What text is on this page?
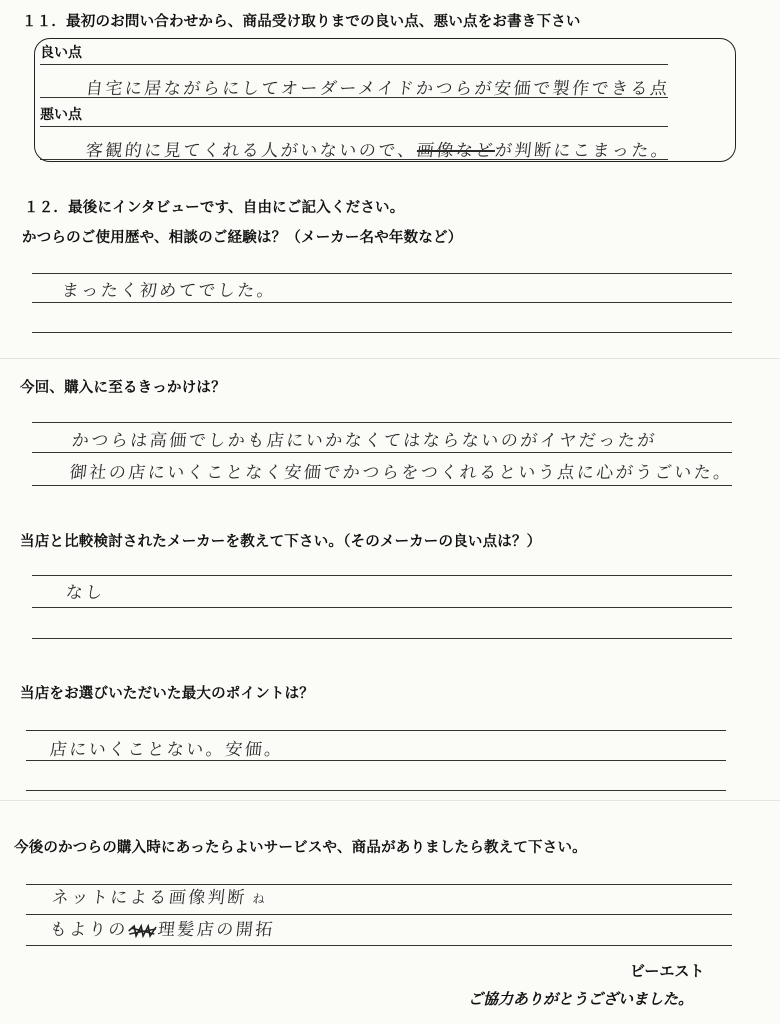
１１．最初のお問い合わせから、商品受け取りまでの良い点、悪い点をお書き下さい
良い点
自宅に居ながらにしてオーダーメイドかつらが安価で製作できる点
悪い点
客観的に見てくれる人がいないので、画像などが判断にこまった。
１２．最後にインタビューです、自由にご記入ください。
かつらのご使用歴や、相談のご経験は？（メーカー名や年数など）
まったく初めてでした。
今回、購入に至るきっかけは？
かつらは高価でしかも店にいかなくてはならないのがイヤだったが
御社の店にいくことなく安価でかつらをつくれるという点に心がうごいた。
当店と比較検討されたメーカーを教えて下さい。（そのメーカーの良い点は？）
なし
当店をお選びいただいた最大のポイントは？
店にいくことない。安価。
今後のかつらの購入時にあったらよいサービスや、商品がありましたら教えて下さい。
ネットによる画像判断 ね
もよりの 理髪店の開拓
ビーエスト
ご協力ありがとうございました。
